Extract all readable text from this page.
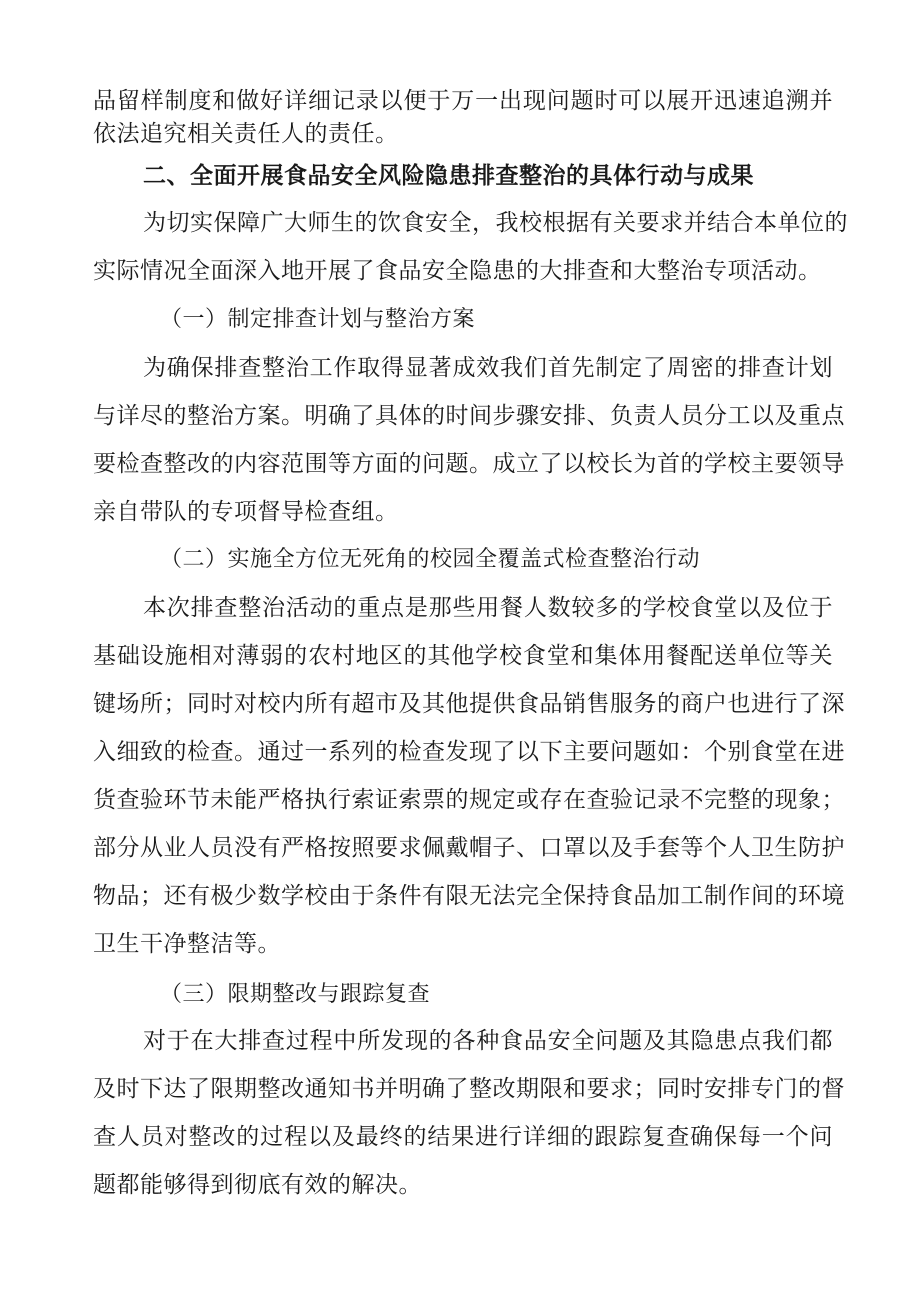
品留样制度和做好详细记录以便于万一出现问题时可以展开迅速追溯并
依法追究相关责任人的责任。
二、全面开展食品安全风险隐患排查整治的具体行动与成果
为切实保障广大师生的饮食安全，我校根据有关要求并结合本单位的
实际情况全面深入地开展了食品安全隐患的大排查和大整治专项活动。
（一）制定排查计划与整治方案
为确保排查整治工作取得显著成效我们首先制定了周密的排查计划
与详尽的整治方案。明确了具体的时间步骤安排、负责人员分工以及重点
要检查整改的内容范围等方面的问题。成立了以校长为首的学校主要领导
亲自带队的专项督导检查组。
（二）实施全方位无死角的校园全覆盖式检查整治行动
本次排查整治活动的重点是那些用餐人数较多的学校食堂以及位于
基础设施相对薄弱的农村地区的其他学校食堂和集体用餐配送单位等关
键场所；同时对校内所有超市及其他提供食品销售服务的商户也进行了深
入细致的检查。通过一系列的检查发现了以下主要问题如：个别食堂在进
货查验环节未能严格执行索证索票的规定或存在查验记录不完整的现象；
部分从业人员没有严格按照要求佩戴帽子、口罩以及手套等个人卫生防护
物品；还有极少数学校由于条件有限无法完全保持食品加工制作间的环境
卫生干净整洁等。
（三）限期整改与跟踪复查
对于在大排查过程中所发现的各种食品安全问题及其隐患点我们都
及时下达了限期整改通知书并明确了整改期限和要求；同时安排专门的督
查人员对整改的过程以及最终的结果进行详细的跟踪复查确保每一个问
题都能够得到彻底有效的解决。
